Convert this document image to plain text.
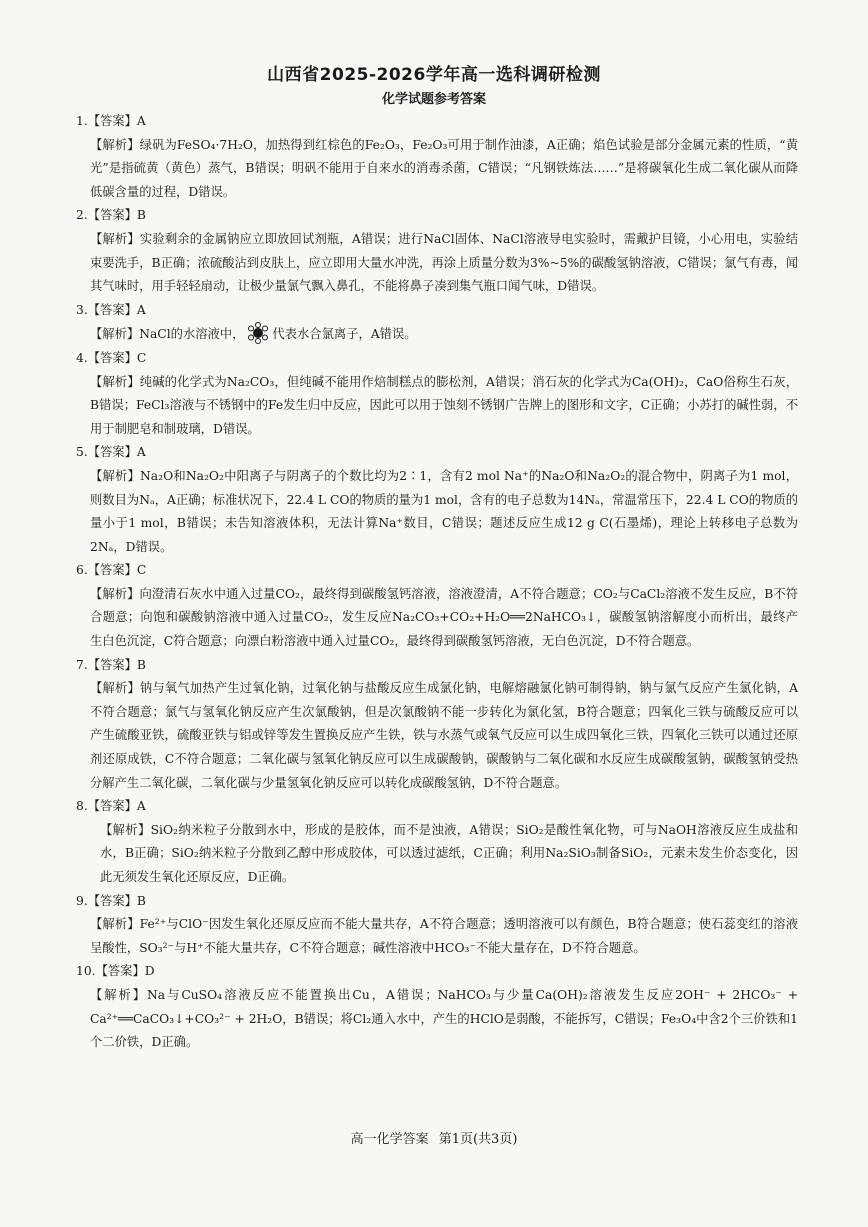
山西省2025-2026学年高一选科调研检测
化学试题参考答案

1.【答案】A

【解析】绿矾为FeSO₄·7H₂O，加热得到红棕色的Fe₂O₃，Fe₂O₃可用于制作油漆，A正确；焰色试验是部分金属元素的性质，“黄光”是指硫黄（黄色）蒸气，B错误；明矾不能用于自来水的消毒杀菌，C错误；“凡钢铁炼法……”是将碳氧化生成二氧化碳从而降低碳含量的过程，D错误。

2.【答案】B

【解析】实验剩余的金属钠应立即放回试剂瓶，A错误；进行NaCl固体、NaCl溶液导电实验时，需戴护目镜，小心用电，实验结束要洗手，B正确；浓硫酸沾到皮肤上，应立即用大量水冲洗，再涂上质量分数为3%~5%的碳酸氢钠溶液，C错误；氯气有毒，闻其气味时，用手轻轻扇动，让极少量氯气飘入鼻孔，不能将鼻子凑到集气瓶口闻气味，D错误。

3.【答案】A

【解析】NaCl的水溶液中， 代表水合氯离子，A错误。

4.【答案】C

【解析】纯碱的化学式为Na₂CO₃，但纯碱不能用作焙制糕点的膨松剂，A错误；消石灰的化学式为Ca(OH)₂，CaO俗称生石灰，B错误；FeCl₃溶液与不锈钢中的Fe发生归中反应，因此可以用于蚀刻不锈钢广告牌上的图形和文字，C正确；小苏打的碱性弱，不用于制肥皂和制玻璃，D错误。

5.【答案】A

【解析】Na₂O和Na₂O₂中阳离子与阴离子的个数比均为2∶1，含有2 mol Na⁺的Na₂O和Na₂O₂的混合物中，阴离子为1 mol，则数目为Nₐ，A正确；标准状况下，22.4 L CO的物质的量为1 mol，含有的电子总数为14Nₐ，常温常压下，22.4 L CO的物质的量小于1 mol，B错误；未告知溶液体积，无法计算Na⁺数目，C错误；题述反应生成12 g C(石墨烯)，理论上转移电子总数为2Nₐ，D错误。

6.【答案】C

【解析】向澄清石灰水中通入过量CO₂，最终得到碳酸氢钙溶液，溶液澄清，A不符合题意；CO₂与CaCl₂溶液不发生反应，B不符合题意；向饱和碳酸钠溶液中通入过量CO₂，发生反应Na₂CO₃+CO₂+H₂O══2NaHCO₃↓，碳酸氢钠溶解度小而析出，最终产生白色沉淀，C符合题意；向漂白粉溶液中通入过量CO₂，最终得到碳酸氢钙溶液，无白色沉淀，D不符合题意。

7.【答案】B

【解析】钠与氧气加热产生过氧化钠，过氧化钠与盐酸反应生成氯化钠，电解熔融氯化钠可制得钠，钠与氯气反应产生氯化钠，A不符合题意；氯气与氢氧化钠反应产生次氯酸钠，但是次氯酸钠不能一步转化为氯化氢，B符合题意；四氧化三铁与硫酸反应可以产生硫酸亚铁，硫酸亚铁与铝或锌等发生置换反应产生铁，铁与水蒸气或氧气反应可以生成四氧化三铁，四氧化三铁可以通过还原剂还原成铁，C不符合题意；二氧化碳与氢氧化钠反应可以生成碳酸钠，碳酸钠与二氧化碳和水反应生成碳酸氢钠，碳酸氢钠受热分解产生二氧化碳，二氧化碳与少量氢氧化钠反应可以转化成碳酸氢钠，D不符合题意。

8.【答案】A

【解析】SiO₂纳米粒子分散到水中，形成的是胶体，而不是浊液，A错误；SiO₂是酸性氧化物，可与NaOH溶液反应生成盐和水，B正确；SiO₂纳米粒子分散到乙醇中形成胶体，可以透过滤纸，C正确；利用Na₂SiO₃制备SiO₂，元素未发生价态变化，因此无须发生氧化还原反应，D正确。

9.【答案】B

【解析】Fe²⁺与ClO⁻因发生氧化还原反应而不能大量共存，A不符合题意；透明溶液可以有颜色，B符合题意；使石蕊变红的溶液呈酸性，SO₃²⁻与H⁺不能大量共存，C不符合题意；碱性溶液中HCO₃⁻不能大量存在，D不符合题意。

10.【答案】D

【解析】Na与CuSO₄溶液反应不能置换出Cu，A错误；NaHCO₃与少量Ca(OH)₂溶液发生反应2OH⁻ + 2HCO₃⁻ + Ca²⁺══CaCO₃↓+CO₃²⁻ + 2H₂O，B错误；将Cl₂通入水中，产生的HClO是弱酸，不能拆写，C错误；Fe₃O₄中含2个三价铁和1个二价铁，D正确。

高一化学答案 第1页(共3页)
